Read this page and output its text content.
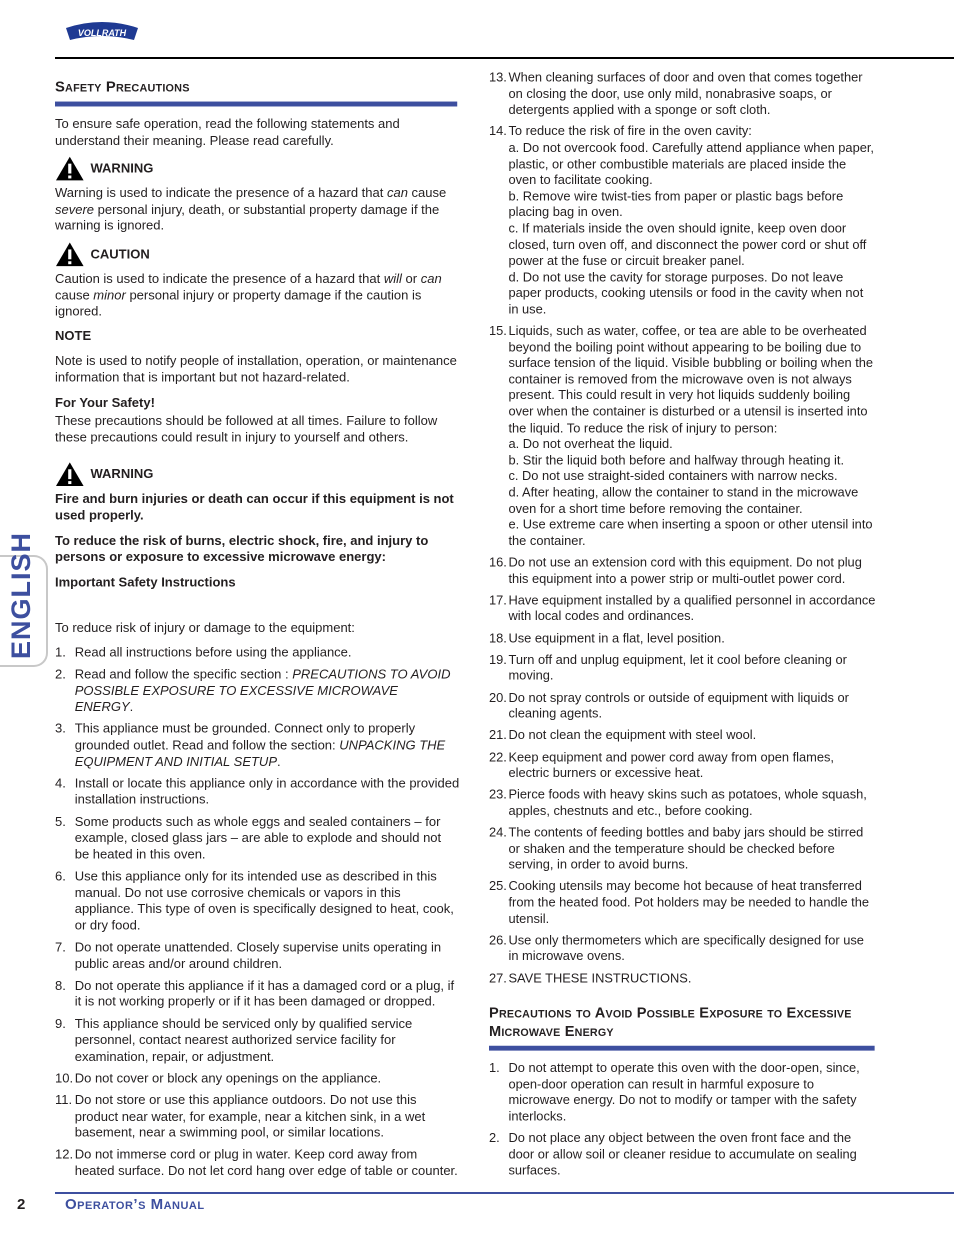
VOLLRATH
ENGLISH
Safety Precautions

To ensure safe operation, read the following statements and understand their meaning. Please read carefully.

WARNING

Warning is used to indicate the presence of a hazard that can cause severe personal injury, death, or substantial property damage if the warning is ignored.

CAUTION

Caution is used to indicate the presence of a hazard that will or can cause minor personal injury or property damage if the caution is ignored.

NOTE

Note is used to notify people of installation, operation, or maintenance information that is important but not hazard-related.

For Your Safety!

These precautions should be followed at all times. Failure to follow these precautions could result in injury to yourself and others.

WARNING

Fire and burn injuries or death can occur if this equipment is not used properly.

To reduce the risk of burns, electric shock, fire, and injury to persons or exposure to excessive microwave energy:

Important Safety Instructions

To reduce risk of injury or damage to the equipment:

1. Read all instructions before using the appliance.
2. Read and follow the specific section : PRECAUTIONS TO AVOID POSSIBLE EXPOSURE TO EXCESSIVE MICROWAVE ENERGY.
3. This appliance must be grounded. Connect only to properly grounded outlet. Read and follow the section: UNPACKING THE EQUIPMENT AND INITIAL SETUP.
4. Install or locate this appliance only in accordance with the provided installation instructions.
5. Some products such as whole eggs and sealed containers – for example, closed glass jars – are able to explode and should not be heated in this oven.
6. Use this appliance only for its intended use as described in this manual. Do not use corrosive chemicals or vapors in this appliance. This type of oven is specifically designed to heat, cook, or dry food.
7. Do not operate unattended. Closely supervise units operating in public areas and/or around children.
8. Do not operate this appliance if it has a damaged cord or a plug, if it is not working properly or if it has been damaged or dropped.
9. This appliance should be serviced only by qualified service personnel, contact nearest authorized service facility for examination, repair, or adjustment.
10. Do not cover or block any openings on the appliance.
11. Do not store or use this appliance outdoors. Do not use this product near water, for example, near a kitchen sink, in a wet basement, near a swimming pool, or similar locations.
12. Do not immerse cord or plug in water. Keep cord away from heated surface. Do not let cord hang over edge of table or counter.
13. When cleaning surfaces of door and oven that comes together on closing the door, use only mild, nonabrasive soaps, or detergents applied with a sponge or soft cloth.
14. To reduce the risk of fire in the oven cavity:
a. Do not overcook food. Carefully attend appliance when paper, plastic, or other combustible materials are placed inside the oven to facilitate cooking.
b. Remove wire twist-ties from paper or plastic bags before placing bag in oven.
c. If materials inside the oven should ignite, keep oven door closed, turn oven off, and disconnect the power cord or shut off power at the fuse or circuit breaker panel.
d. Do not use the cavity for storage purposes. Do not leave paper products, cooking utensils or food in the cavity when not in use.
15. Liquids, such as water, coffee, or tea are able to be overheated beyond the boiling point without appearing to be boiling due to surface tension of the liquid. Visible bubbling or boiling when the container is removed from the microwave oven is not always present. This could result in very hot liquids suddenly boiling over when the container is disturbed or a utensil is inserted into the liquid. To reduce the risk of injury to person:
a. Do not overheat the liquid.
b. Stir the liquid both before and halfway through heating it.
c. Do not use straight-sided containers with narrow necks.
d. After heating, allow the container to stand in the microwave oven for a short time before removing the container.
e. Use extreme care when inserting a spoon or other utensil into the container.
16. Do not use an extension cord with this equipment. Do not plug this equipment into a power strip or multi-outlet power cord.
17. Have equipment installed by a qualified personnel in accordance with local codes and ordinances.
18. Use equipment in a flat, level position.
19. Turn off and unplug equipment, let it cool before cleaning or moving.
20. Do not spray controls or outside of equipment with liquids or cleaning agents.
21. Do not clean the equipment with steel wool.
22. Keep equipment and power cord away from open flames, electric burners or excessive heat.
23. Pierce foods with heavy skins such as potatoes, whole squash, apples, chestnuts and etc., before cooking.
24. The contents of feeding bottles and baby jars should be stirred or shaken and the temperature should be checked before serving, in order to avoid burns.
25. Cooking utensils may become hot because of heat transferred from the heated food. Pot holders may be needed to handle the utensil.
26. Use only thermometers which are specifically designed for use in microwave ovens.
27. SAVE THESE INSTRUCTIONS.
Precautions to Avoid Possible Exposure to Excessive Microwave Energy
1. Do not attempt to operate this oven with the door-open, since, open-door operation can result in harmful exposure to microwave energy. Do not to modify or tamper with the safety interlocks.
2. Do not place any object between the oven front face and the door or allow soil or cleaner residue to accumulate on sealing surfaces.
2	Operator’s Manual
